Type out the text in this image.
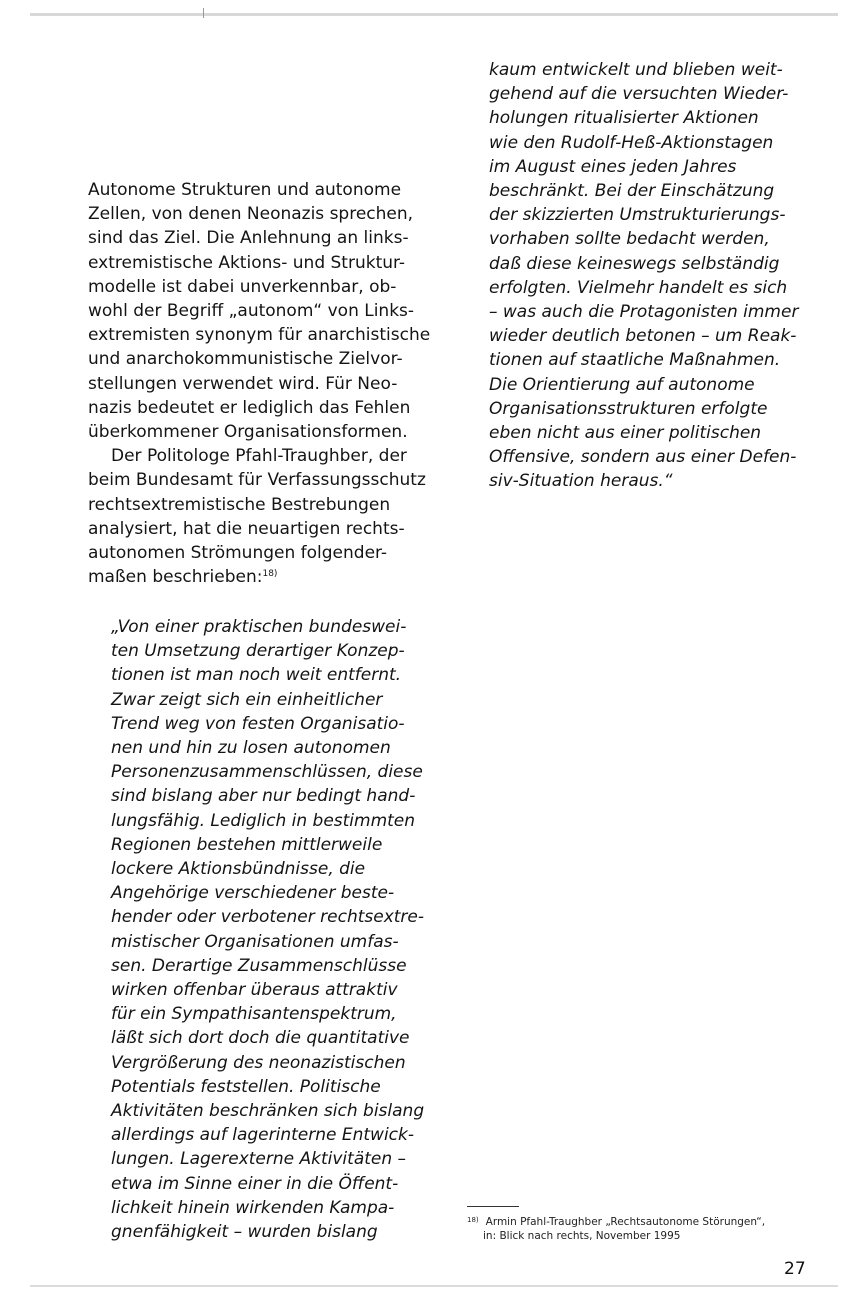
Autonome Strukturen und autonome
Zellen, von denen Neonazis sprechen,
sind das Ziel. Die Anlehnung an links-
extremistische Aktions- und Struktur-
modelle ist dabei unverkennbar, ob-
wohl der Begriff „autonom“ von Links-
extremisten synonym für anarchistische
und anarchokommunistische Zielvor-
stellungen verwendet wird. Für Neo-
nazis bedeutet er lediglich das Fehlen
überkommener Organisationsformen.
Der Politologe Pfahl-Traughber, der
beim Bundesamt für Verfassungsschutz
rechtsextremistische Bestrebungen
analysiert, hat die neuartigen rechts-
autonomen Strömungen folgender-
maßen beschrieben:$^{18)}$
„Von einer praktischen bundeswei-
ten Umsetzung derartiger Konzep-
tionen ist man noch weit entfernt.
Zwar zeigt sich ein einheitlicher
Trend weg von festen Organisatio-
nen und hin zu losen autonomen
Personenzusammenschlüssen, diese
sind bislang aber nur bedingt hand-
lungsfähig. Lediglich in bestimmten
Regionen bestehen mittlerweile
lockere Aktionsbündnisse, die
Angehörige verschiedener beste-
hender oder verbotener rechtsextre-
mistischer Organisationen umfas-
sen. Derartige Zusammenschlüsse
wirken offenbar überaus attraktiv
für ein Sympathisantenspektrum,
läßt sich dort doch die quantitative
Vergrößerung des neonazistischen
Potentials feststellen. Politische
Aktivitäten beschränken sich bislang
allerdings auf lagerinterne Entwick-
lungen. Lagerexterne Aktivitäten –
etwa im Sinne einer in die Öffent-
lichkeit hinein wirkenden Kampa-
gnenfähigkeit – wurden bislang
kaum entwickelt und blieben weit-
gehend auf die versuchten Wieder-
holungen ritualisierter Aktionen
wie den Rudolf-Heß-Aktionstagen
im August eines jeden Jahres
beschränkt. Bei der Einschätzung
der skizzierten Umstrukturierungs-
vorhaben sollte bedacht werden,
daß diese keineswegs selbständig
erfolgten. Vielmehr handelt es sich
– was auch die Protagonisten immer
wieder deutlich betonen – um Reak-
tionen auf staatliche Maßnahmen.
Die Orientierung auf autonome
Organisationsstrukturen erfolgte
eben nicht aus einer politischen
Offensive, sondern aus einer Defen-
siv-Situation heraus.“
$^{18)}$ Armin Pfahl-Traughber „Rechtsautonome Störungen“,
in: Blick nach rechts, November 1995
27
